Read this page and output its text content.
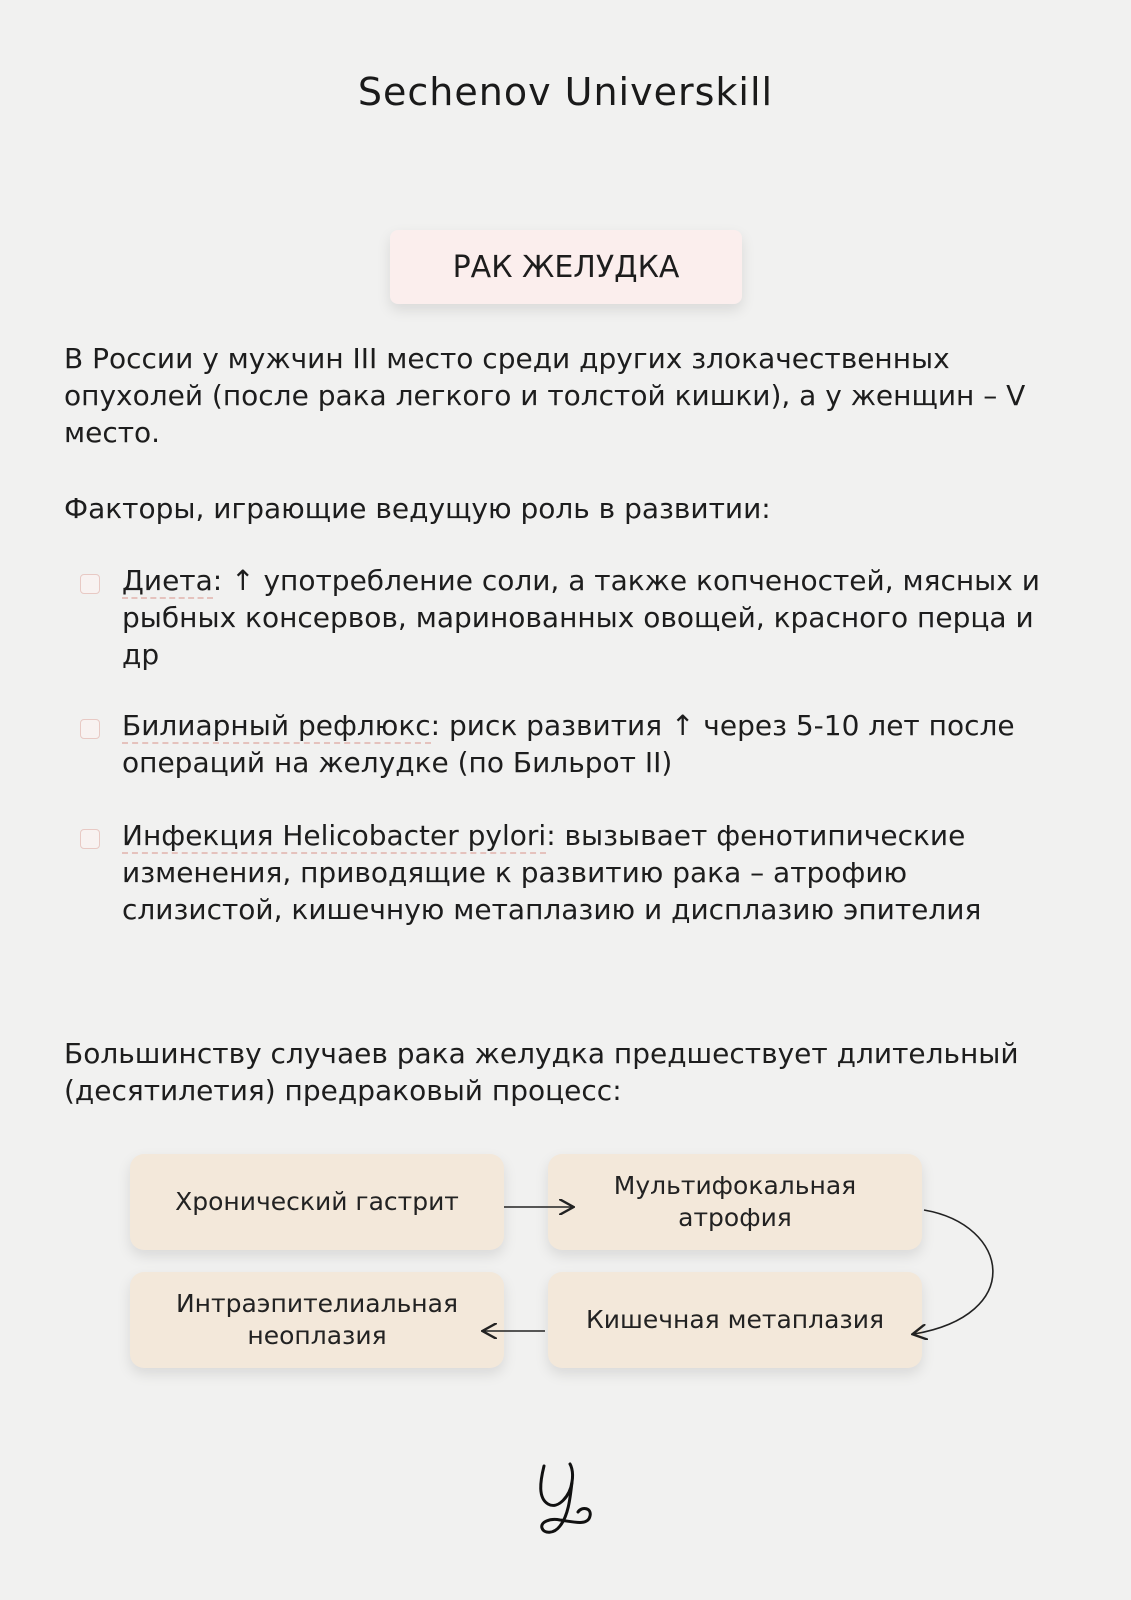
Sechenov Universkill
РАК ЖЕЛУДКА
В России у мужчин III место среди других злокачественных опухолей (после рака легкого и толстой кишки), а у женщин – V место.
Факторы, играющие ведущую роль в развитии:
Диета: ↑ употребление соли, а также копченостей, мясных и рыбных консервов, маринованных овощей, красного перца и др
Билиарный рефлюкс: риск развития ↑ через 5-10 лет после операций на желудке (по Бильрот II)
Инфекция Helicobacter pylori: вызывает фенотипические изменения, приводящие к развитию рака – атрофию слизистой, кишечную метаплазию и дисплазию эпителия
Большинству случаев рака желудка предшествует длительный (десятилетия) предраковый процесс:
Хронический гастрит
Мультифокальная атрофия
Кишечная метаплазия
Интраэпителиальная неоплазия
